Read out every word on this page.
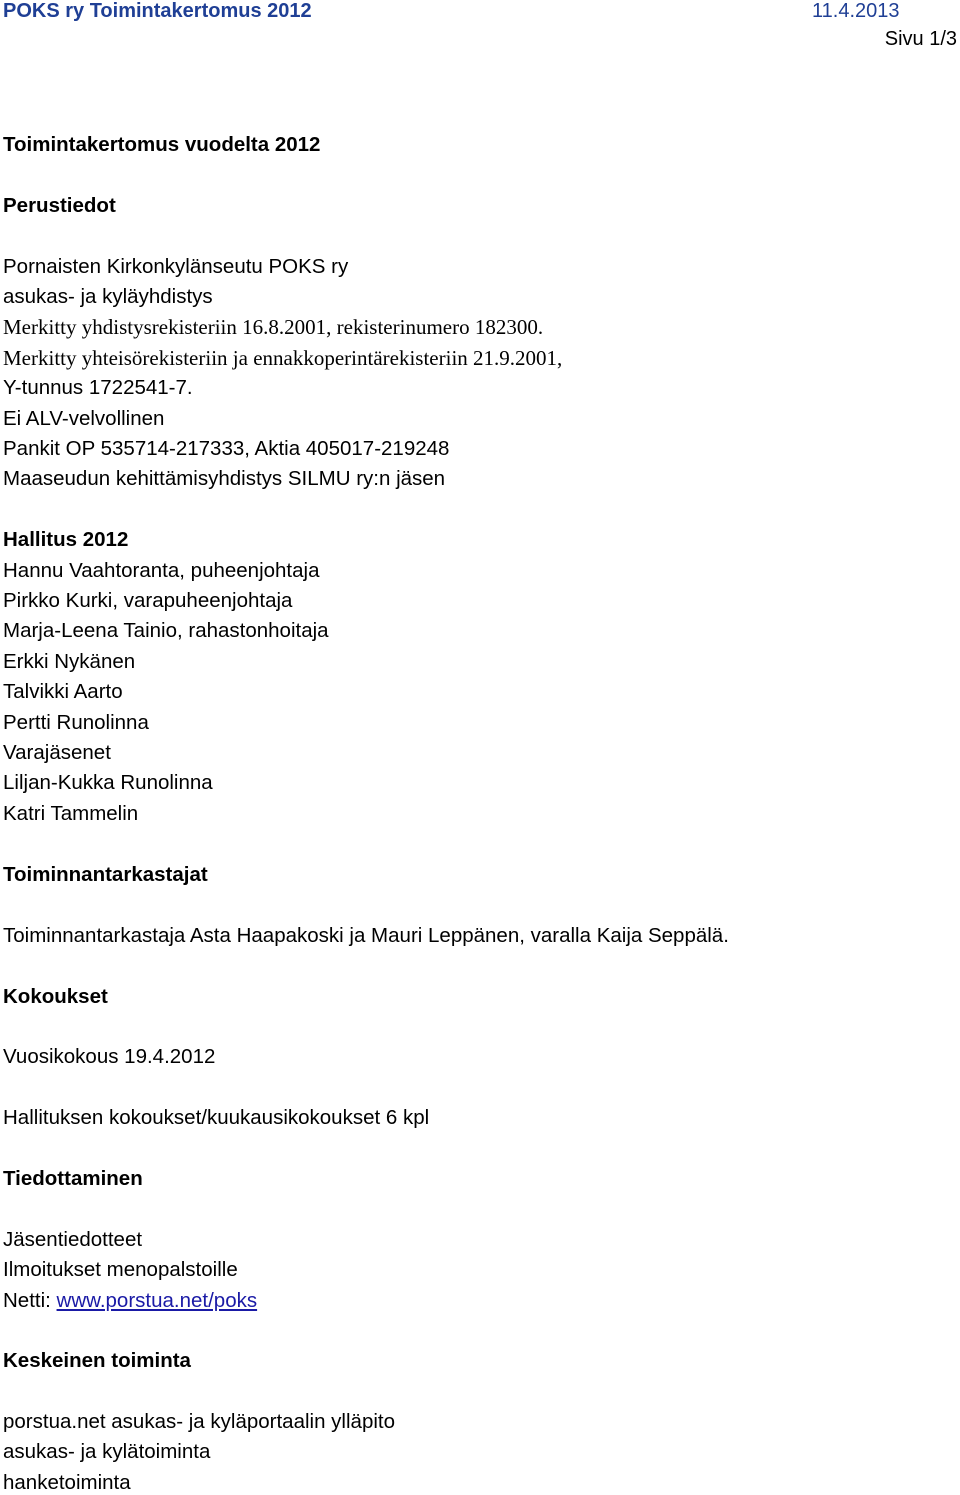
POKS ry Toimintakertomus 2012	11.4.2013
Sivu 1/3
Toimintakertomus vuodelta 2012
Perustiedot
Pornaisten Kirkonkylänseutu POKS ry
asukas- ja kyläyhdistys
Merkitty yhdistysrekisteriin 16.8.2001, rekisterinumero 182300.
Merkitty yhteisörekisteriin ja ennakkoperintärekisteriin 21.9.2001,
Y-tunnus 1722541-7.
Ei ALV-velvollinen
Pankit OP 535714-217333, Aktia 405017-219248
Maaseudun kehittämisyhdistys SILMU ry:n jäsen
Hallitus 2012
Hannu Vaahtoranta, puheenjohtaja
Pirkko Kurki, varapuheenjohtaja
Marja-Leena Tainio, rahastonhoitaja
Erkki Nykänen
Talvikki Aarto
Pertti Runolinna
Varajäsenet
Liljan-Kukka Runolinna
Katri Tammelin
Toiminnantarkastajat
Toiminnantarkastaja Asta Haapakoski ja Mauri Leppänen, varalla Kaija Seppälä.
Kokoukset
Vuosikokous 19.4.2012
Hallituksen kokoukset/kuukausikokoukset 6 kpl
Tiedottaminen
Jäsentiedotteet
Ilmoitukset menopalstoille
Netti: www.porstua.net/poks
Keskeinen toiminta
porstua.net asukas- ja kyläportaalin ylläpito
asukas- ja kylätoiminta
hanketoiminta
